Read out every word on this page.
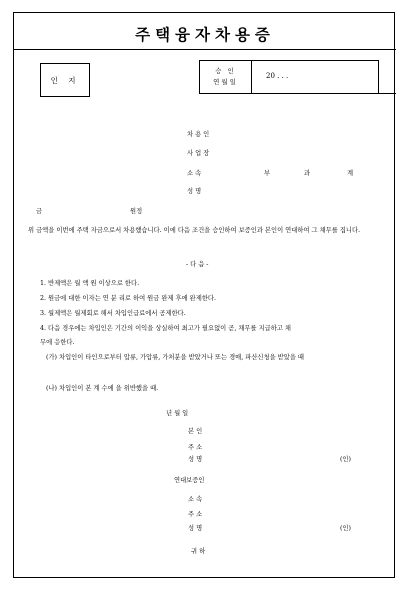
주택융자차용증
인 지
승 인
연월일
20 . . .
차 용 인
사 업 장
소 속	부	과	계
성 명
금	원정
위 금액을 이번에 주택 자금으로서 차용했습니다. 이에 다음 조건을 승인하여 보증인과 본인이 연대하여 그 채무를 집니다.
- 다 음 -
1. 반제액은 월 액 원 이상으로 한다.
2. 원금에 대한 이자는 연 분 리로 하여 원금 완제 후에 완제한다.
3. 월제액은 월제회로 해서 차입인급료에서 공제한다.
4. 다음 경우에는 차입인은 기간의 이익을 상실하여 최고가 필요없이 곧, 채무를 지급하고 채
무에 응한다.
(가) 차입인이 타인으로부터 압류, 가압류, 가처분을 받았거나 또는 경매, 파산신청을 받았을 때
(나) 차입인이 본 계 수에 을 위반했을 때.
년 월 일
본 인
주 소
성 명	(인)
연대보증인
소 속
주 소
성 명	(인)
귀 하
